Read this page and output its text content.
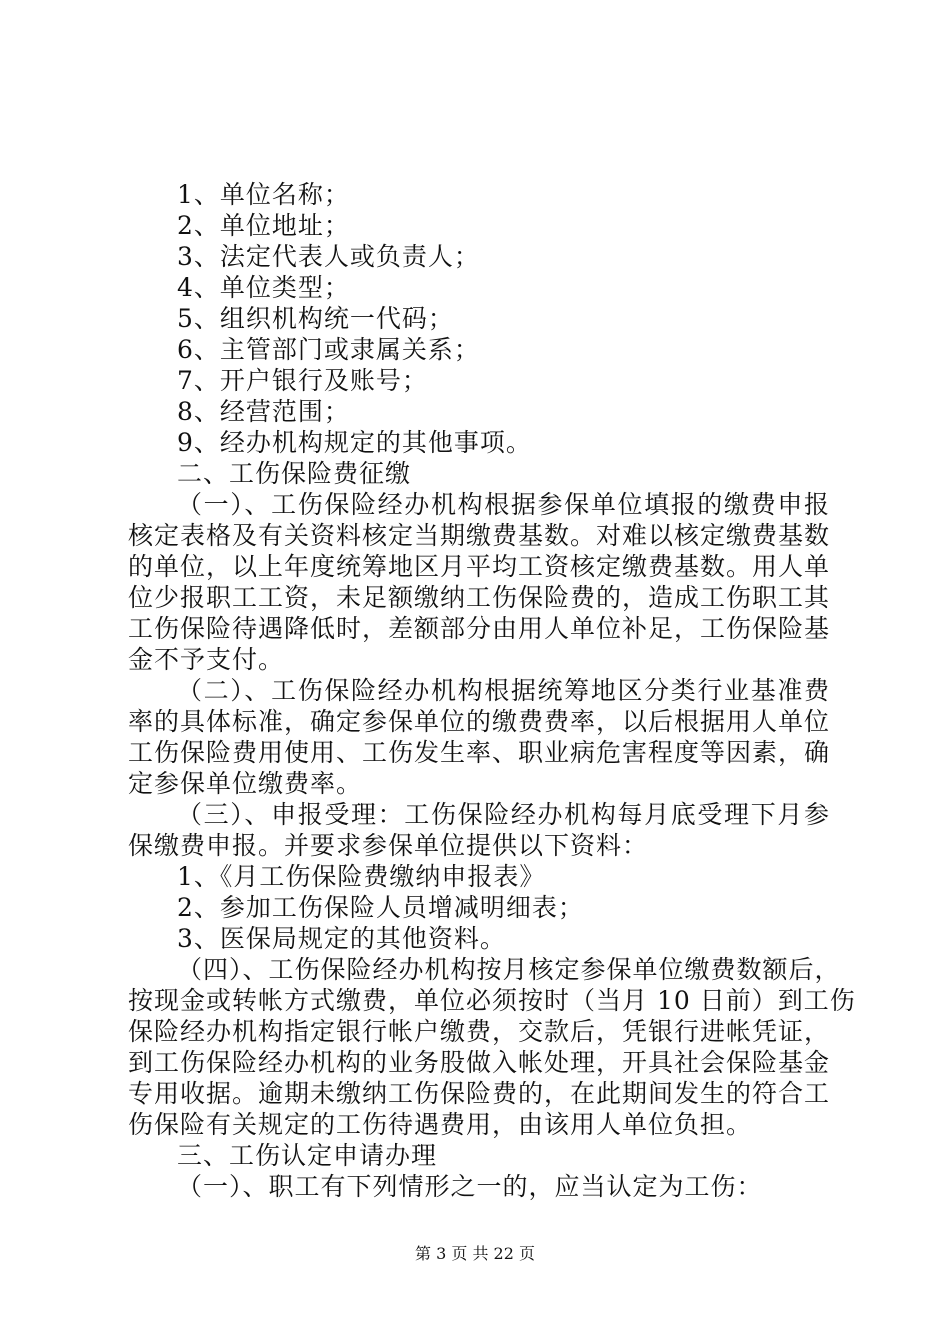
1、单位名称；
2、单位地址；
3、法定代表人或负责人；
4、单位类型；
5、组织机构统一代码；
6、主管部门或隶属关系；
7、开户银行及账号；
8、经营范围；
9、经办机构规定的其他事项。
二、工伤保险费征缴
（一）、工伤保险经办机构根据参保单位填报的缴费申报
核定表格及有关资料核定当期缴费基数。对难以核定缴费基数
的单位，以上年度统筹地区月平均工资核定缴费基数。用人单
位少报职工工资，未足额缴纳工伤保险费的，造成工伤职工其
工伤保险待遇降低时，差额部分由用人单位补足，工伤保险基
金不予支付。
（二）、工伤保险经办机构根据统筹地区分类行业基准费
率的具体标准，确定参保单位的缴费费率，以后根据用人单位
工伤保险费用使用、工伤发生率、职业病危害程度等因素，确
定参保单位缴费率。
（三）、申报受理：工伤保险经办机构每月底受理下月参
保缴费申报。并要求参保单位提供以下资料：
1、《月工伤保险费缴纳申报表》
2、参加工伤保险人员增减明细表；
3、医保局规定的其他资料。
（四）、工伤保险经办机构按月核定参保单位缴费数额后，
按现金或转帐方式缴费，单位必须按时（当月 10 日前）到工伤
保险经办机构指定银行帐户缴费，交款后，凭银行进帐凭证，
到工伤保险经办机构的业务股做入帐处理，开具社会保险基金
专用收据。逾期未缴纳工伤保险费的，在此期间发生的符合工
伤保险有关规定的工伤待遇费用，由该用人单位负担。
三、工伤认定申请办理
（一）、职工有下列情形之一的，应当认定为工伤：
第 3 页 共 22 页
